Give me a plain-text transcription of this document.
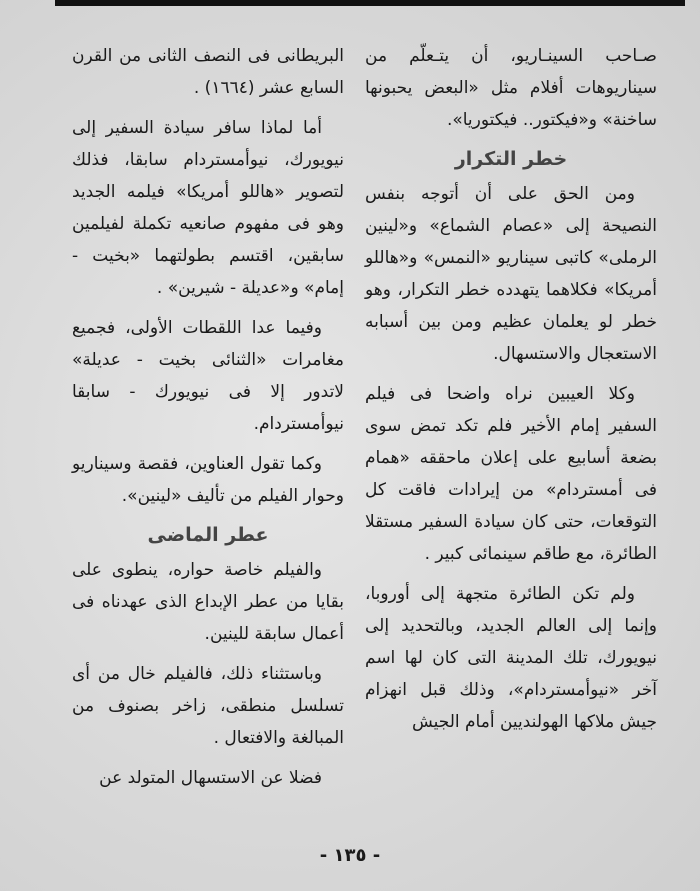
صـاحب السينـاريو، أن يتـعلّم من سيناريوهات أفلام مثل «البعض يحبونها ساخنة» و«فيكتور.. فيكتوريا».

خطر التكرار

ومن الحق على أن أتوجه بنفس النصيحة إلى «عصام الشماع» و«لينين الرملى» كاتبى سيناريو «النمس» و«هاللو أمريكا» فكلاهما يتهدده خطر التكرار، وهو خطر لو يعلمان عظيم ومن بين أسبابه الاستعجال والاستسهال.

وكلا العيبين نراه واضحا فى فيلم السفير إمام الأخير فلم تكد تمض سوى بضعة أسابيع على إعلان ماحققه «همام فى أمستردام» من إيرادات فاقت كل التوقعات، حتى كان سيادة السفير مستقلا الطائرة، مع طاقم سينمائى كبير .

ولم تكن الطائرة متجهة إلى أوروبا، وإنما إلى العالم الجديد، وبالتحديد إلى نيويورك، تلك المدينة التى كان لها اسم آخر «نيوأمستردام»، وذلك قبل انهزام جيش ملاكها الهولنديين أمام الجيش

البريطانى فى النصف الثانى من القرن السابع عشر (١٦٦٤) .

أما لماذا سافر سيادة السفير إلى نيويورك، نيوأمستردام سابقا، فذلك لتصوير «هاللو أمريكا» فيلمه الجديد وهو فى مفهوم صانعيه تكملة لفيلمين سابقين، اقتسم بطولتهما «بخيت - إمام» و«عديلة - شيرين» .

وفيما عدا اللقطات الأولى، فجميع مغامرات «الثنائى بخيت - عديلة» لاتدور إلا فى نيويورك - سابقا نيوأمستردام.

وكما تقول العناوين، فقصة وسيناريو وحوار الفيلم من تأليف «لينين».

عطر الماضى

والفيلم خاصة حواره، ينطوى على بقايا من عطر الإبداع الذى عهدناه فى أعمال سابقة للينين.

وباستثناء ذلك، فالفيلم خال من أى تسلسل منطقى، زاخر بصنوف من المبالغة والافتعال .

فضلا عن الاستسهال المتولد عن

- ١٣٥ -
